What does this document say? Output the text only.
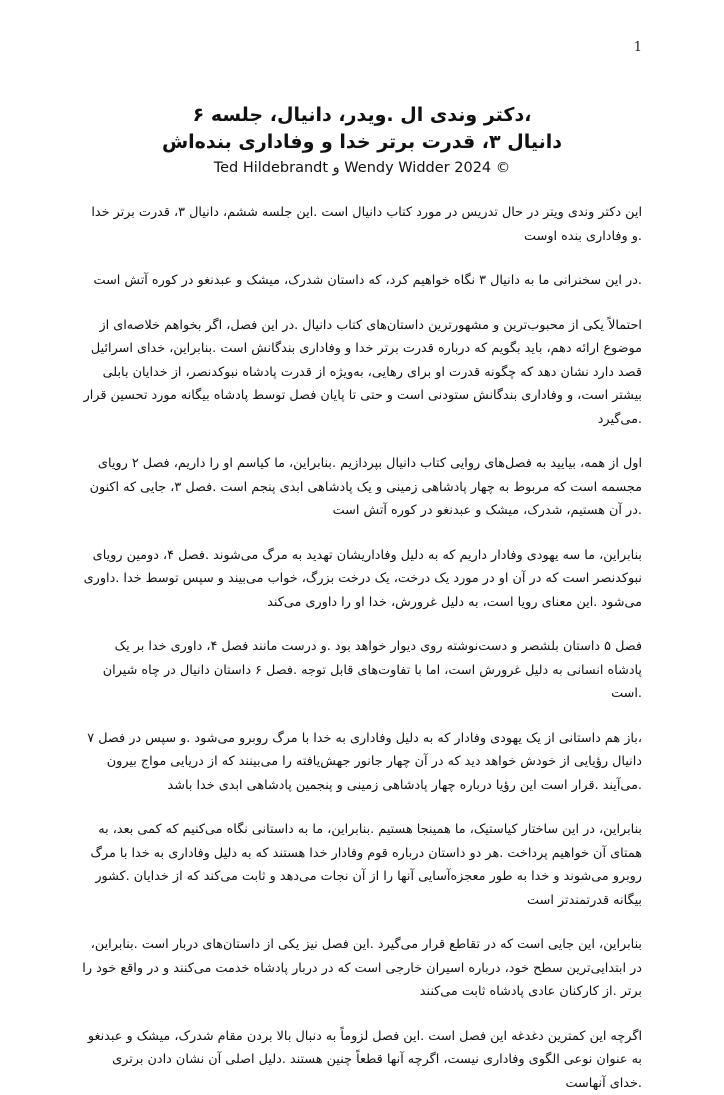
1

،دکتر وندی ال .ویدر، دانیال، جلسه ۶

دانیال ۳، قدرت برتر خدا و وفاداری بنده‌اش

© 2024 Wendy Widder و Ted Hildebrandt

این دکتر وندی ویتر در حال تدریس در مورد کتاب دانیال است .این جلسه ششم، دانیال ۳، قدرت برتر خدا .و وفاداری بنده اوست

.در این سخنرانی ما به دانیال ۳ نگاه خواهیم کرد، که داستان شدرک، میشک و عبدنغو در کوره آتش است

احتمالاً یکی از محبوب‌ترین و مشهورترین داستان‌های کتاب دانیال .در این فصل، اگر بخواهم خلاصه‌ای از موضوع ارائه دهم، باید بگویم که درباره قدرت برتر خدا و وفاداری بندگانش است .بنابراین، خدای اسرائیل قصد دارد نشان دهد که چگونه قدرت او برای رهایی، به‌ویژه از قدرت پادشاه نبوکدنصر، از خدایان بابلی بیشتر است، و وفاداری بندگانش ستودنی است و حتی تا پایان فصل توسط پادشاه بیگانه مورد تحسین قرار .می‌گیرد

اول از همه، بیایید به فصل‌های روایی کتاب دانیال بپردازیم .بنابراین، ما کیاسم او را داریم، فصل ۲ رویای مجسمه است که مربوط به چهار پادشاهی زمینی و یک پادشاهی ابدی پنجم است .فصل ۳، جایی که اکنون .در آن هستیم، شدرک، میشک و عبدنغو در کوره آتش است

بنابراین، ما سه یهودی وفادار داریم که به دلیل وفاداریشان تهدید به مرگ می‌شوند .فصل ۴، دومین رویای نبوکدنصر است که در آن او در مورد یک درخت، یک درخت بزرگ، خواب می‌بیند و سپس توسط خدا .داوری می‌شود .این معنای رویا است، به دلیل غرورش، خدا او را داوری می‌کند

فصل ۵ داستان بلشصر و دست‌نوشته روی دیوار خواهد بود .و درست مانند فصل ۴، داوری خدا بر یک پادشاه انسانی به دلیل غرورش است، اما با تفاوت‌های قابل توجه .فصل ۶ داستان دانیال در چاه شیران .است

،باز هم داستانی از یک یهودی وفادار که به دلیل وفاداری به خدا با مرگ روبرو می‌شود .و سپس در فصل ۷ دانیال رؤیایی از خودش خواهد دید که در آن چهار جانور جهش‌یافته را می‌بینند که از دریایی مواج بیرون .می‌آیند .قرار است این رؤیا درباره چهار پادشاهی زمینی و پنجمین پادشاهی ابدی خدا باشد

بنابراین، در این ساختار کیاستیک، ما همینجا هستیم .بنابراین، ما به داستانی نگاه می‌کنیم که کمی بعد، به همتای آن خواهیم پرداخت .هر دو داستان درباره قوم وفادار خدا هستند که به دلیل وفاداری به خدا با مرگ روبرو می‌شوند و خدا به طور معجزه‌آسایی آنها را از آن نجات می‌دهد و ثابت می‌کند که از خدایان .کشور بیگانه قدرتمندتر است

بنابراین، این جایی است که در تقاطع قرار می‌گیرد .این فصل نیز یکی از داستان‌های دربار است .بنابراین، در ابتدایی‌ترین سطح خود، درباره اسیران خارجی است که در دربار پادشاه خدمت می‌کنند و در واقع خود را برتر .از کارکنان عادی پادشاه ثابت می‌کنند

اگرچه این کمترین دغدغه این فصل است .این فصل لزوماً به دنبال بالا بردن مقام شدرک، میشک و عبدنغو به عنوان نوعی الگوی وفاداری نیست، اگرچه آنها قطعاً چنین هستند .دلیل اصلی آن نشان دادن برتری .خدای آنهاست
